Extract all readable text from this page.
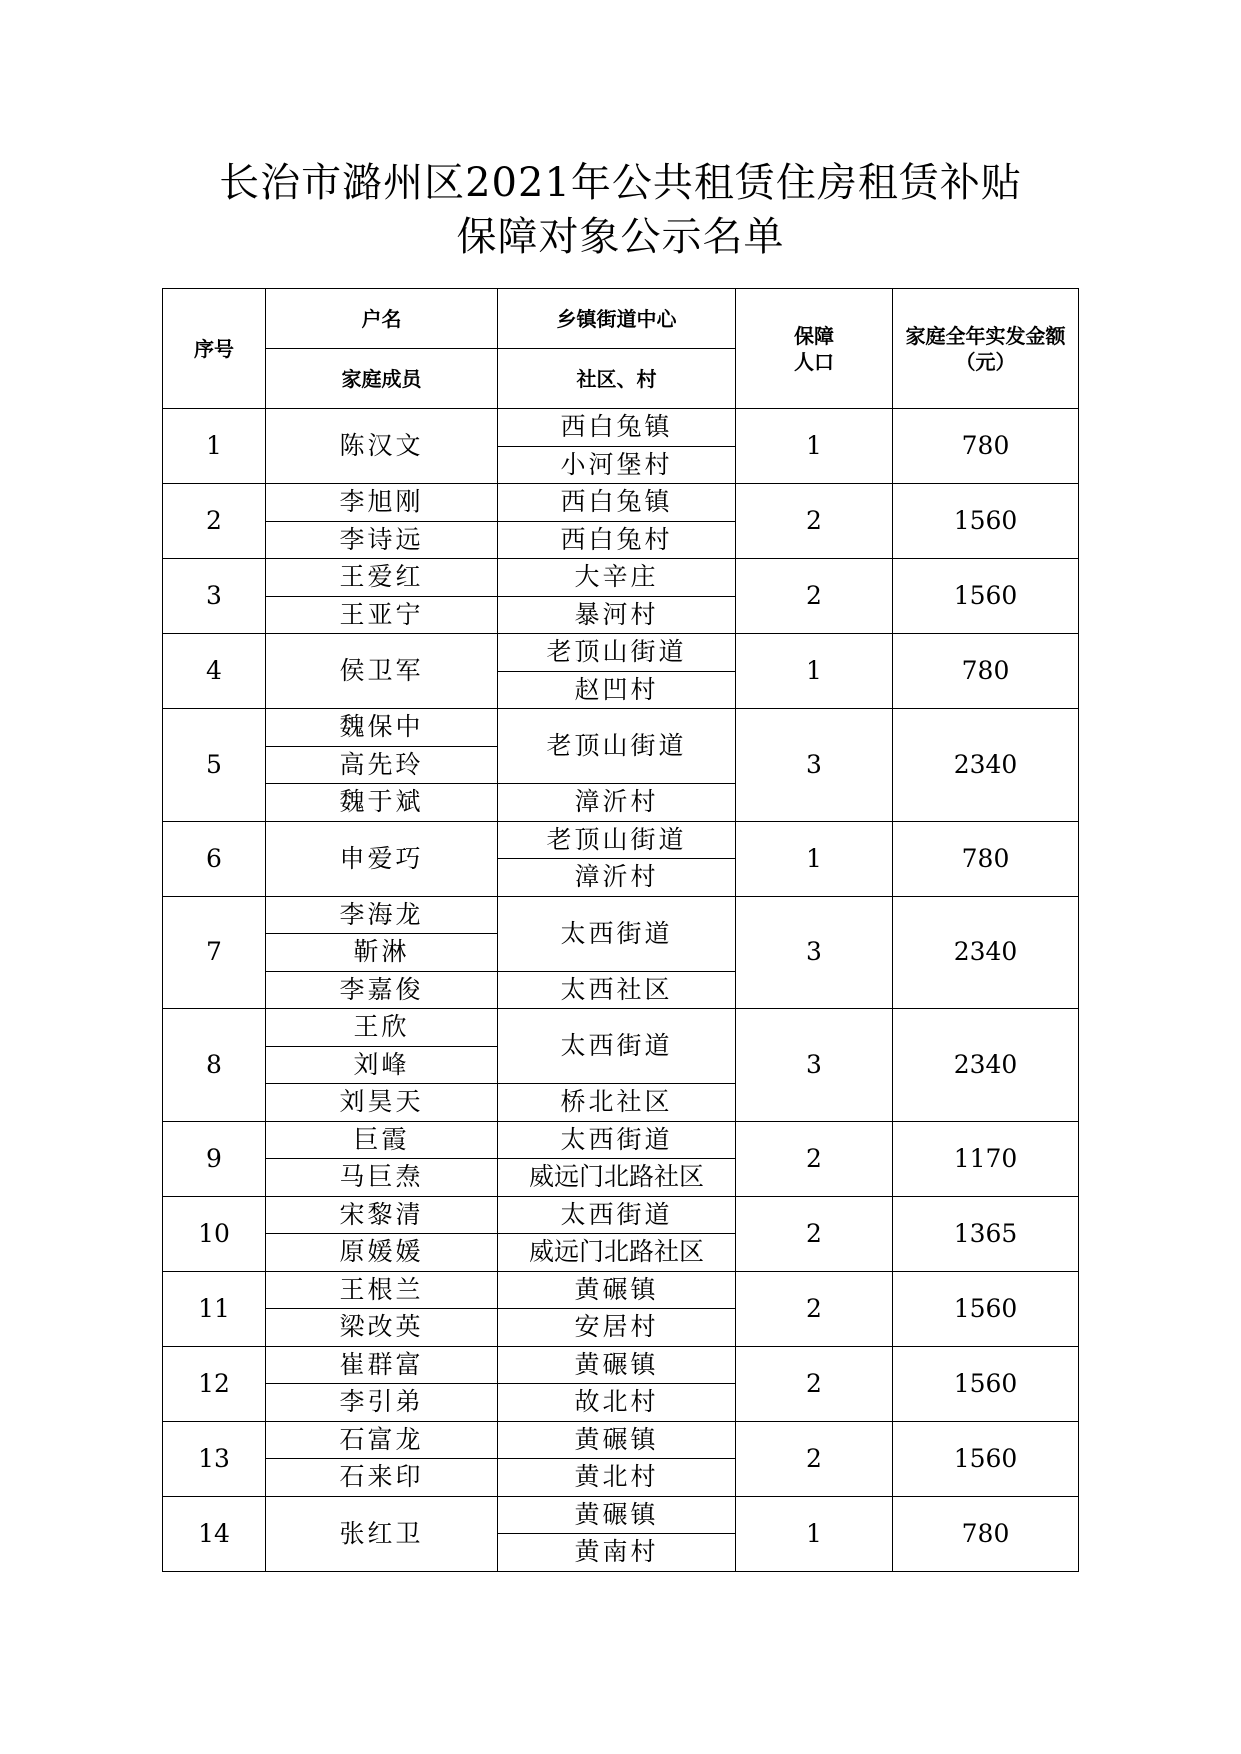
长治市潞州区2021年公共租赁住房租赁补贴
保障对象公示名单
序号	户名	乡镇街道中心	保障人口	家庭全年实发金额（元）
	家庭成员	社区、村		
1	陈汉文	西白兔镇	1	780
		小河堡村		
2	李旭刚	西白兔镇	2	1560
	李诗远	西白兔村		
3	王爱红	大辛庄	2	1560
	王亚宁	暴河村		
4	侯卫军	老顶山街道	1	780
		赵凹村		
5	魏保中	老顶山街道	3	2340
	高先玲			
	魏于斌	漳沂村		
6	申爱巧	老顶山街道	1	780
		漳沂村		
7	李海龙	太西街道	3	2340
	靳淋			
	李嘉俊	太西社区		
8	王欣	太西街道	3	2340
	刘峰			
	刘昊天	桥北社区		
9	巨霞	太西街道	2	1170
	马巨焘	威远门北路社区		
10	宋黎清	太西街道	2	1365
	原媛媛	威远门北路社区		
11	王根兰	黄碾镇	2	1560
	梁改英	安居村		
12	崔群富	黄碾镇	2	1560
	李引弟	故北村		
13	石富龙	黄碾镇	2	1560
	石来印	黄北村		
14	张红卫	黄碾镇	1	780
		黄南村		
